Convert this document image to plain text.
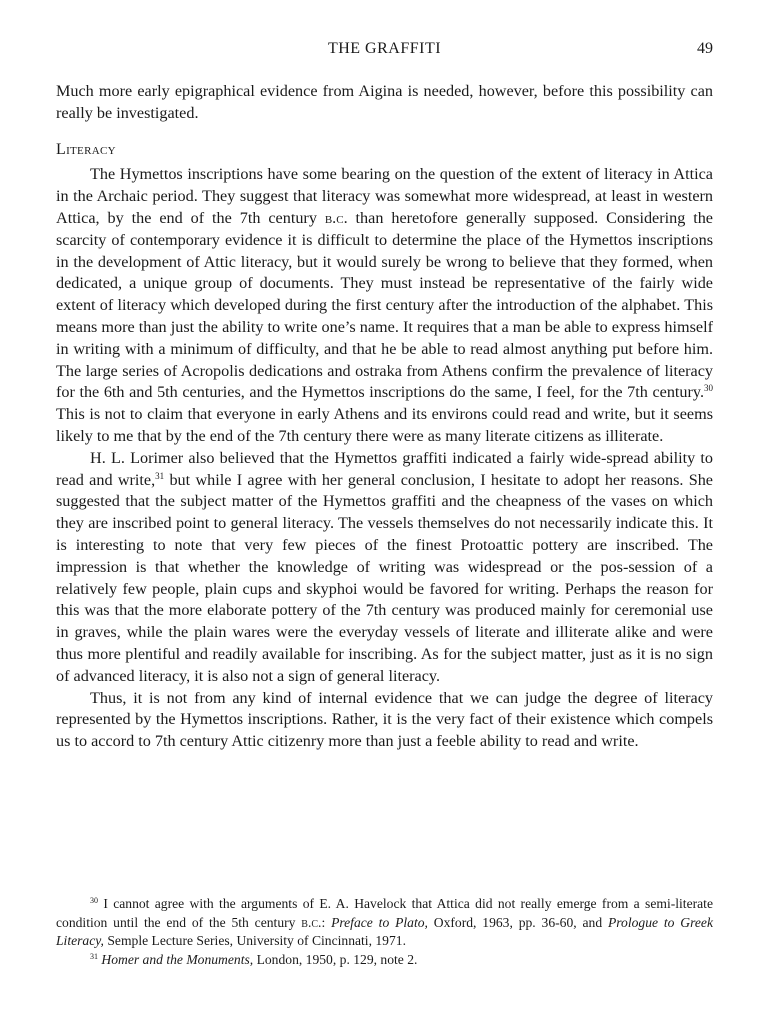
THE GRAFFITI	49

Much more early epigraphical evidence from Aigina is needed, however, before this possibility can really be investigated.

Literacy

The Hymettos inscriptions have some bearing on the question of the extent of literacy in Attica in the Archaic period. They suggest that literacy was somewhat more widespread, at least in western Attica, by the end of the 7th century b.c. than heretofore generally supposed. Considering the scarcity of contemporary evidence it is difficult to determine the place of the Hymettos inscriptions in the development of Attic literacy, but it would surely be wrong to believe that they formed, when dedicated, a unique group of documents. They must instead be representative of the fairly wide extent of literacy which developed during the first century after the introduction of the alphabet. This means more than just the ability to write one’s name. It requires that a man be able to express himself in writing with a minimum of difficulty, and that he be able to read almost anything put before him. The large series of Acropolis dedications and ostraka from Athens confirm the prevalence of literacy for the 6th and 5th centuries, and the Hymettos inscriptions do the same, I feel, for the 7th century.$^{30}$ This is not to claim that everyone in early Athens and its environs could read and write, but it seems likely to me that by the end of the 7th century there were as many literate citizens as illiterate.

H. L. Lorimer also believed that the Hymettos graffiti indicated a fairly wide-spread ability to read and write,$^{31}$ but while I agree with her general conclusion, I hesitate to adopt her reasons. She suggested that the subject matter of the Hymettos graffiti and the cheapness of the vases on which they are inscribed point to general literacy. The vessels themselves do not necessarily indicate this. It is interesting to note that very few pieces of the finest Protoattic pottery are inscribed. The impression is that whether the knowledge of writing was widespread or the pos-session of a relatively few people, plain cups and skyphoi would be favored for writing. Perhaps the reason for this was that the more elaborate pottery of the 7th century was produced mainly for ceremonial use in graves, while the plain wares were the everyday vessels of literate and illiterate alike and were thus more plentiful and readily available for inscribing. As for the subject matter, just as it is no sign of advanced literacy, it is also not a sign of general literacy.

Thus, it is not from any kind of internal evidence that we can judge the degree of literacy represented by the Hymettos inscriptions. Rather, it is the very fact of their existence which compels us to accord to 7th century Attic citizenry more than just a feeble ability to read and write.

$^{30}$ I cannot agree with the arguments of E. A. Havelock that Attica did not really emerge from a semi-literate condition until the end of the 5th century b.c.: Preface to Plato, Oxford, 1963, pp. 36-60, and Prologue to Greek Literacy, Semple Lecture Series, University of Cincinnati, 1971.

$^{31}$ Homer and the Monuments, London, 1950, p. 129, note 2.
